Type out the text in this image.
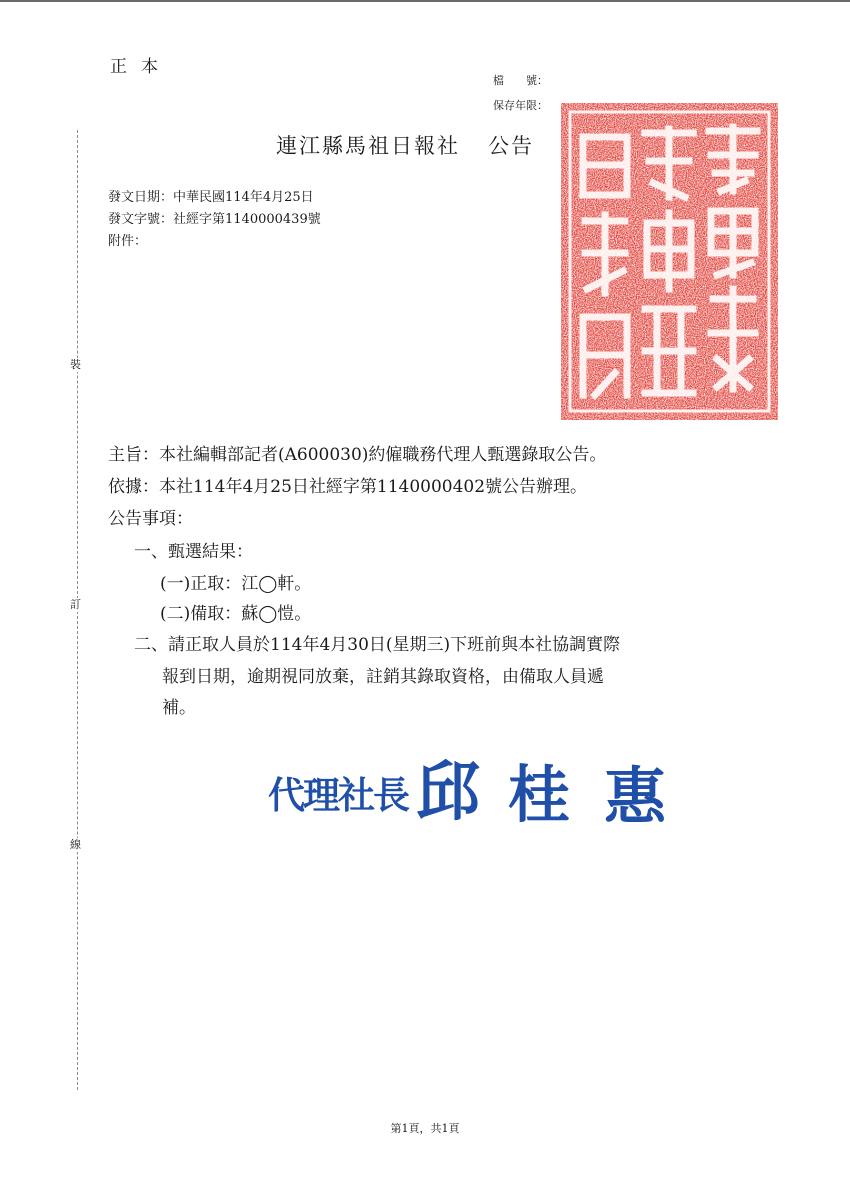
裝
訂
線
正本
檔　　號：
保存年限：
連江縣馬祖日報社 公告
發文日期：中華民國114年4月25日
發文字號：社經字第1140000439號
附件：
主旨：本社編輯部記者(A600030)約僱職務代理人甄選錄取公告。
依據：本社114年4月25日社經字第1140000402號公告辦理。
公告事項：
一、甄選結果：
(一)正取：江◯軒。
(二)備取：蘇◯愷。
二、請正取人員於114年4月30日(星期三)下班前與本社協調實際
報到日期，逾期視同放棄，註銷其錄取資格，由備取人員遞
補。
代理社長 邱 桂 惠
第1頁，共1頁
